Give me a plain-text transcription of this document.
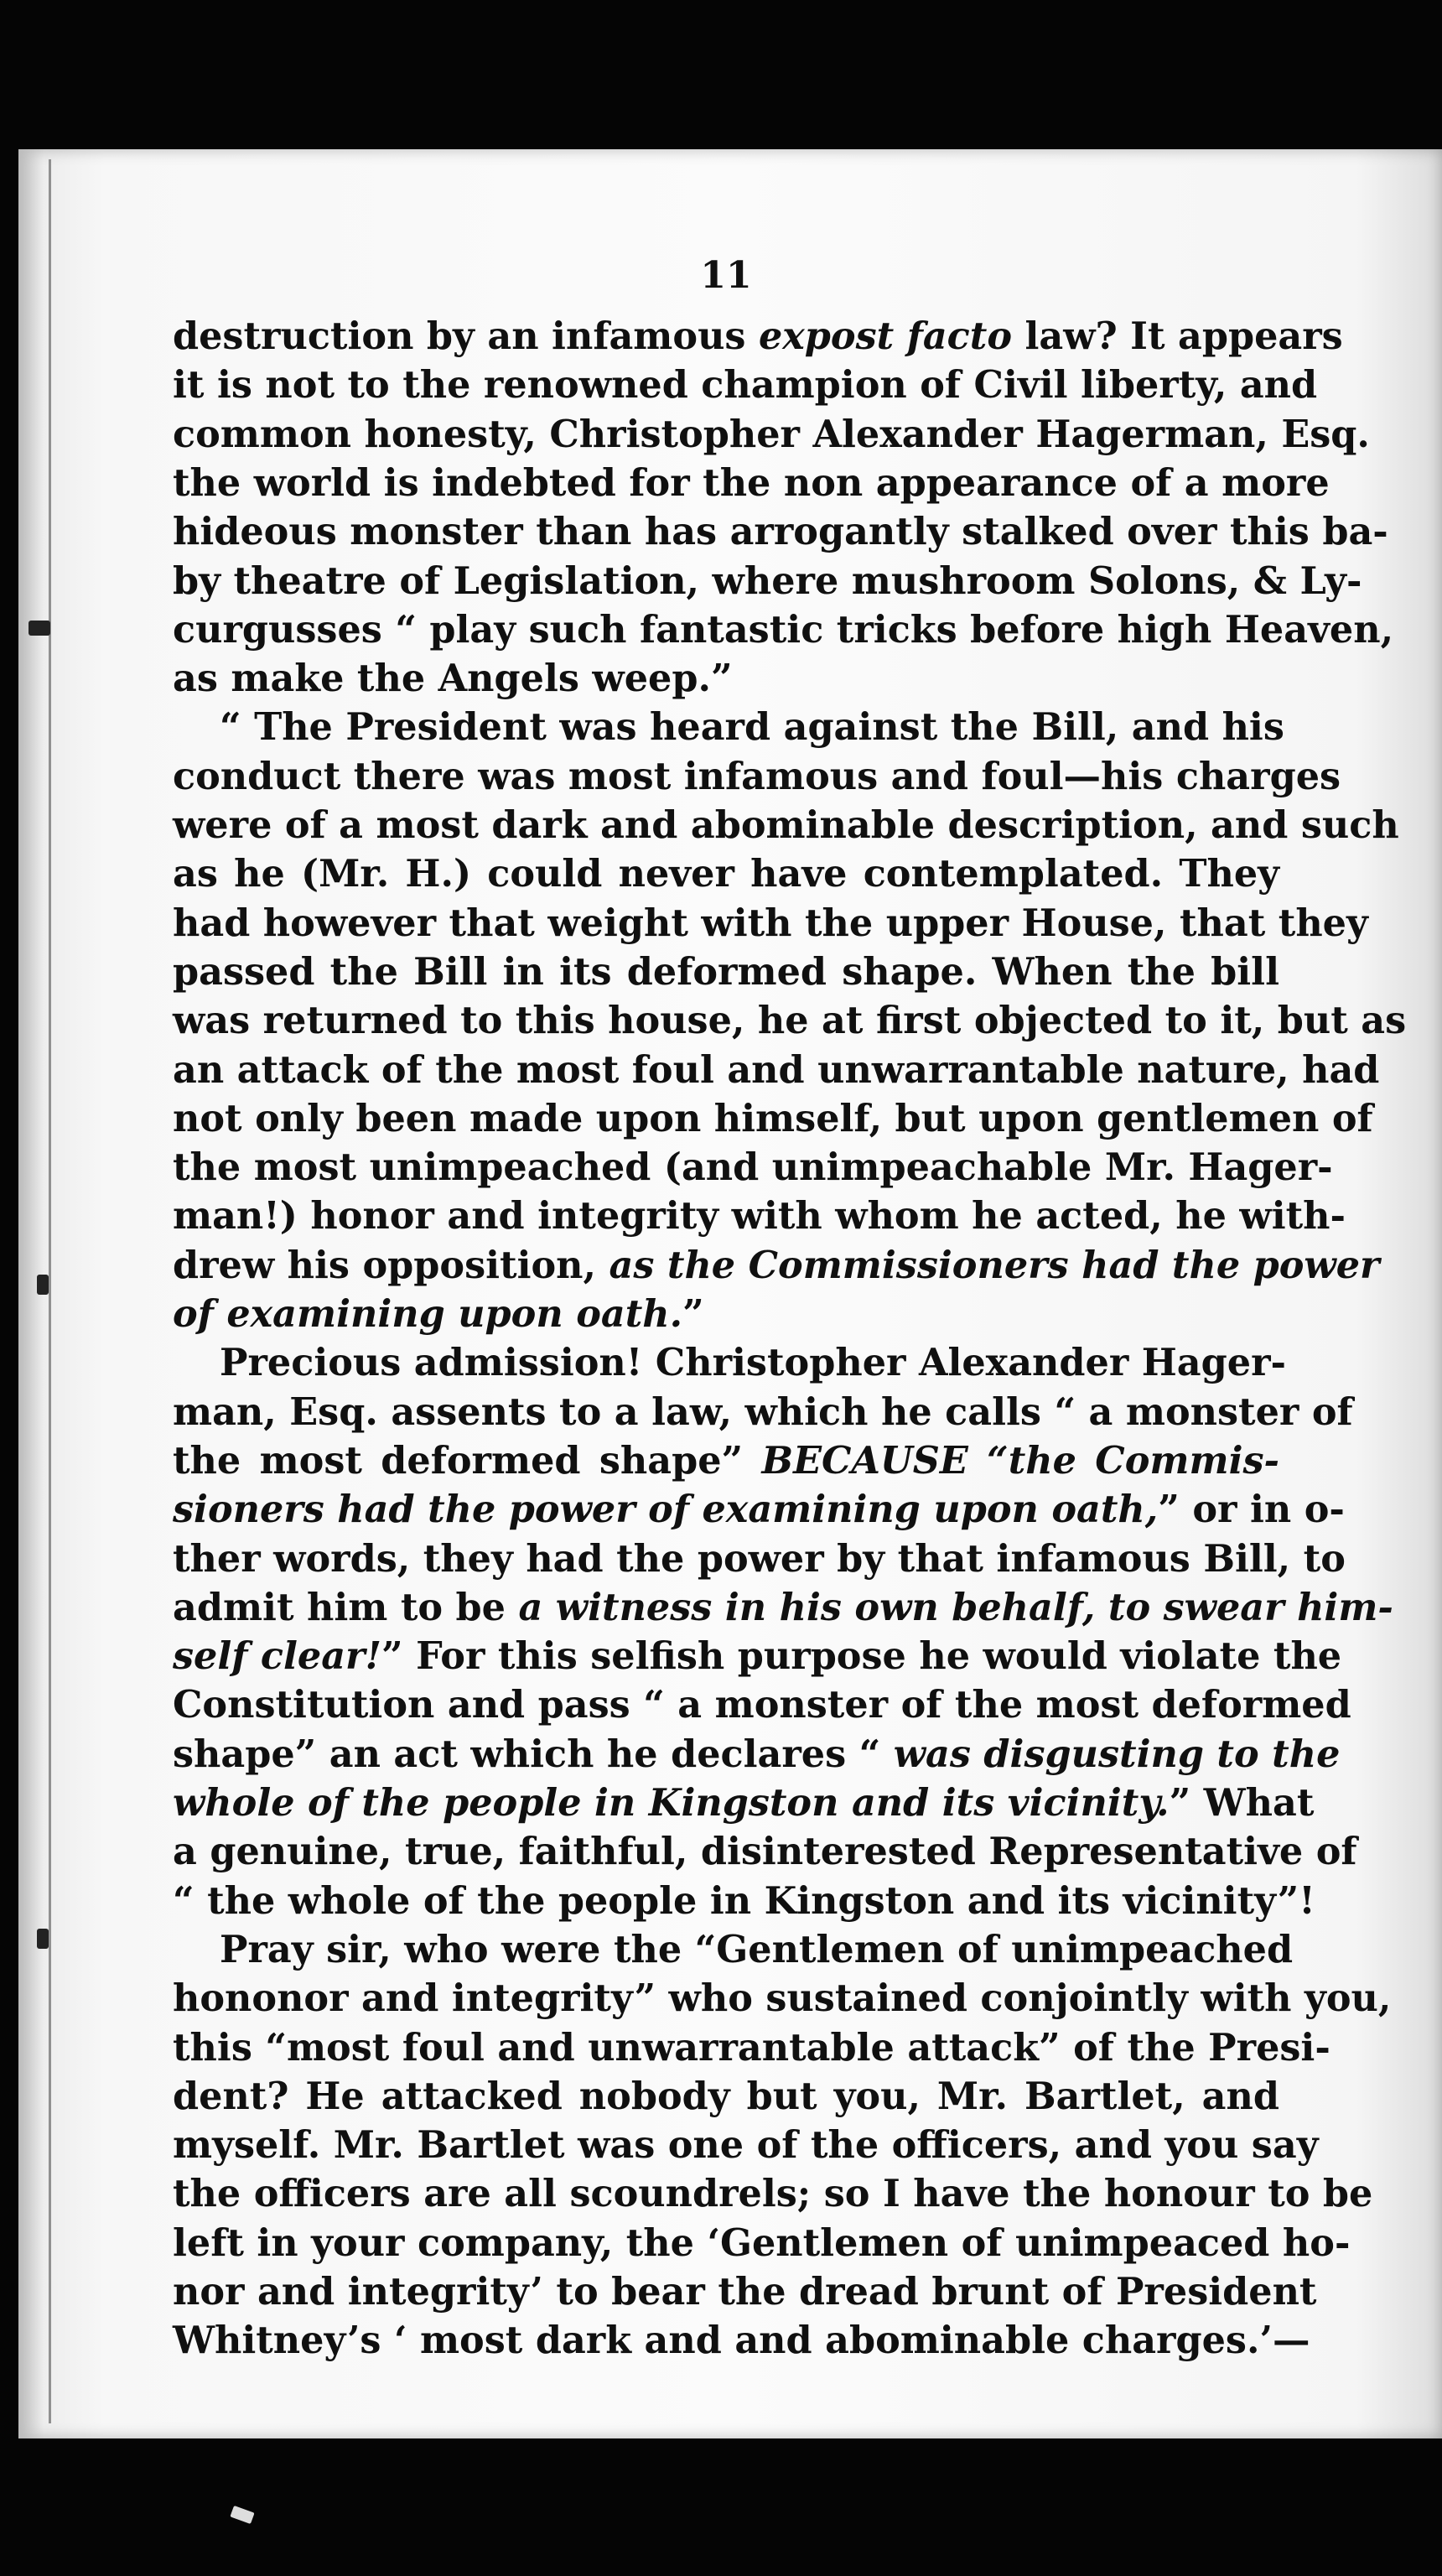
11
destruction by an infamous expost facto law? It appears
it is not to the renowned champion of Civil liberty, and
common honesty, Christopher Alexander Hagerman, Esq.
the world is indebted for the non appearance of a more
hideous monster than has arrogantly stalked over this ba-
by theatre of Legislation, where mushroom Solons, & Ly-
curgusses “ play such fantastic tricks before high Heaven,
as make the Angels weep.”
“ The President was heard against the Bill, and his
conduct there was most infamous and foul—his charges
were of a most dark and abominable description, and such
as he (Mr. H.) could never have contemplated. They
had however that weight with the upper House, that they
passed the Bill in its deformed shape. When the bill
was returned to this house, he at first objected to it, but as
an attack of the most foul and unwarrantable nature, had
not only been made upon himself, but upon gentlemen of
the most unimpeached (and unimpeachable Mr. Hager-
man!) honor and integrity with whom he acted, he with-
drew his opposition, as the Commissioners had the power
of examining upon oath.”
Precious admission! Christopher Alexander Hager-
man, Esq. assents to a law, which he calls “ a monster of
the most deformed shape” BECAUSE “the Commis-
sioners had the power of examining upon oath,” or in o-
ther words, they had the power by that infamous Bill, to
admit him to be a witness in his own behalf, to swear him-
self clear!” For this selfish purpose he would violate the
Constitution and pass “ a monster of the most deformed
shape” an act which he declares “ was disgusting to the
whole of the people in Kingston and its vicinity.” What
a genuine, true, faithful, disinterested Representative of
“ the whole of the people in Kingston and its vicinity”!
Pray sir, who were the “Gentlemen of unimpeached
hononor and integrity” who sustained conjointly with you,
this “most foul and unwarrantable attack” of the Presi-
dent? He attacked nobody but you, Mr. Bartlet, and
myself. Mr. Bartlet was one of the officers, and you say
the officers are all scoundrels; so I have the honour to be
left in your company, the ‘Gentlemen of unimpeaced ho-
nor and integrity’ to bear the dread brunt of President
Whitney’s ‘ most dark and and abominable charges.’—
